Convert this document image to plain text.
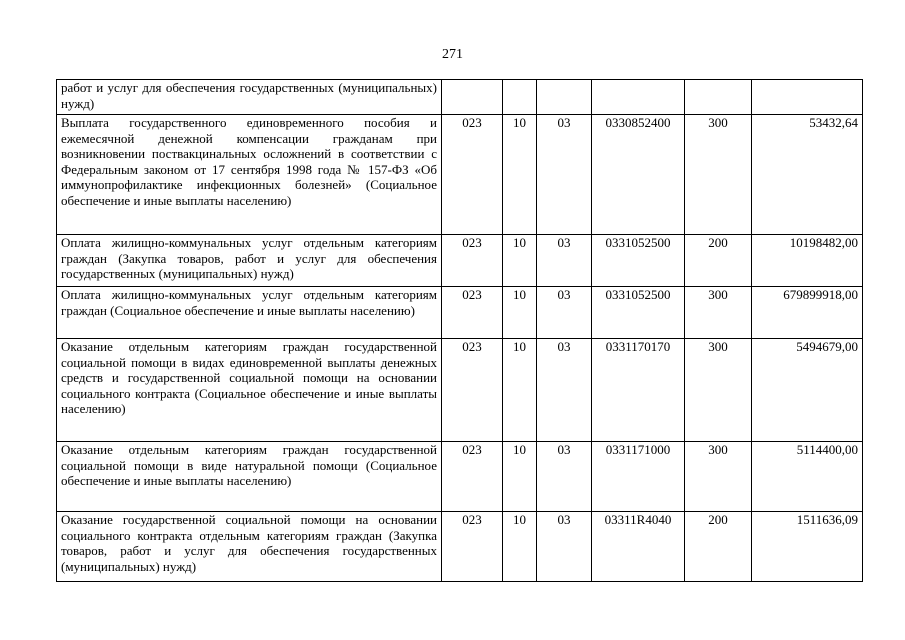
271
работ и услуг для обеспечения государственных (муниципальных) нужд)						
Выплата государственного единовременного пособия и ежемесячной денежной компенсации гражданам при возникновении поствакцинальных осложнений в соответствии с Федеральным законом от 17 сентября 1998 года № 157-ФЗ «Об иммунопрофилактике инфекционных болезней» (Социальное обеспечение и иные выплаты населению)	023	10	03	0330852400	300	53432,64
Оплата жилищно-коммунальных услуг отдельным категориям граждан (Закупка товаров, работ и услуг для обеспечения государственных (муниципальных) нужд)	023	10	03	0331052500	200	10198482,00
Оплата жилищно-коммунальных услуг отдельным категориям граждан (Социальное обеспечение и иные выплаты населению)	023	10	03	0331052500	300	679899918,00
Оказание отдельным категориям граждан государственной социальной помощи в видах единовременной выплаты денежных средств и государственной социальной помощи на основании социального контракта (Социальное обеспечение и иные выплаты населению)	023	10	03	0331170170	300	5494679,00
Оказание отдельным категориям граждан государственной социальной помощи в виде натуральной помощи (Социальное обеспечение и иные выплаты населению)	023	10	03	0331171000	300	5114400,00
Оказание государственной социальной помощи на основании социального контракта отдельным категориям граждан (Закупка товаров, работ и услуг для обеспечения государственных (муниципальных) нужд)	023	10	03	03311R4040	200	1511636,09
